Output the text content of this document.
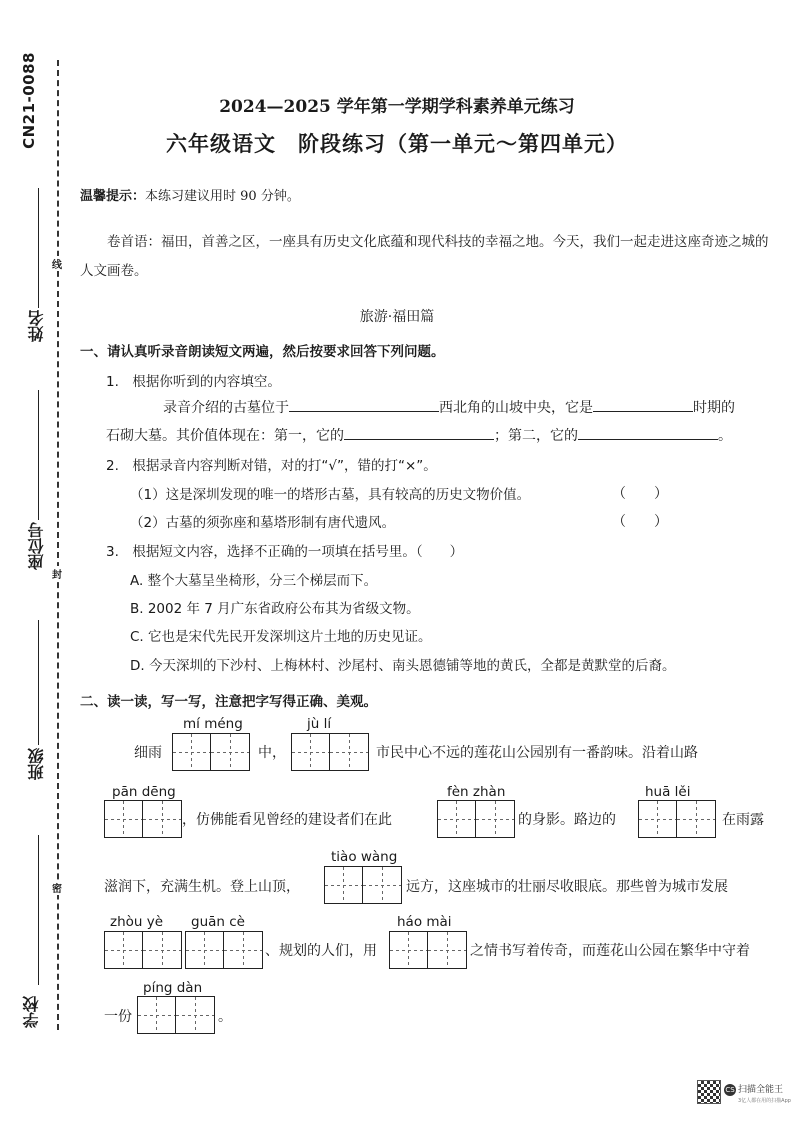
CN21-0088
姓名
座位号
班级
学校
线
封
密
2024—2025 学年第一学期学科素养单元练习
六年级语文　阶段练习（第一单元～第四单元）
温馨提示：本练习建议用时 90 分钟。
卷首语：福田，首善之区，一座具有历史文化底蕴和现代科技的幸福之地。今天，我们一起走进这座奇迹之城的人文画卷。
旅游·福田篇
一、请认真听录音朗读短文两遍，然后按要求回答下列问题。
1.　根据你听到的内容填空。
录音介绍的古墓位于	西北角的山坡中央，它是	时期的
石砌大墓。其价值体现在：第一，它的	；第二，它的	。
2.　根据录音内容判断对错，对的打“√”，错的打“×”。
（1）这是深圳发现的唯一的塔形古墓，具有较高的历史文物价值。	（　　）
（2）古墓的须弥座和墓塔形制有唐代遗风。	（　　）
3.　根据短文内容，选择不正确的一项填在括号里。（　　）
A. 整个大墓呈坐椅形，分三个梯层而下。
B. 2002 年 7 月广东省政府公布其为省级文物。
C. 它也是宋代先民开发深圳这片土地的历史见证。
D. 今天深圳的下沙村、上梅林村、沙尾村、南头恩德铺等地的黄氏，全都是黄默堂的后裔。
二、读一读，写一写，注意把字写得正确、美观。
mí méng	jù lí
细雨	中，	市民中心不远的莲花山公园别有一番韵味。沿着山路
pān dēng	fèn zhàn	huā lěi
，仿佛能看见曾经的建设者们在此	的身影。路边的	在雨露
tiào wàng
滋润下，充满生机。登上山顶，	远方，这座城市的壮丽尽收眼底。那些曾为城市发展
zhòu yè guān cè	háo mài
、规划的人们，用	之情书写着传奇，而莲花山公园在繁华中守着
píng dàn
一份	。
CS 扫描全能王
3亿人都在用的扫描App
